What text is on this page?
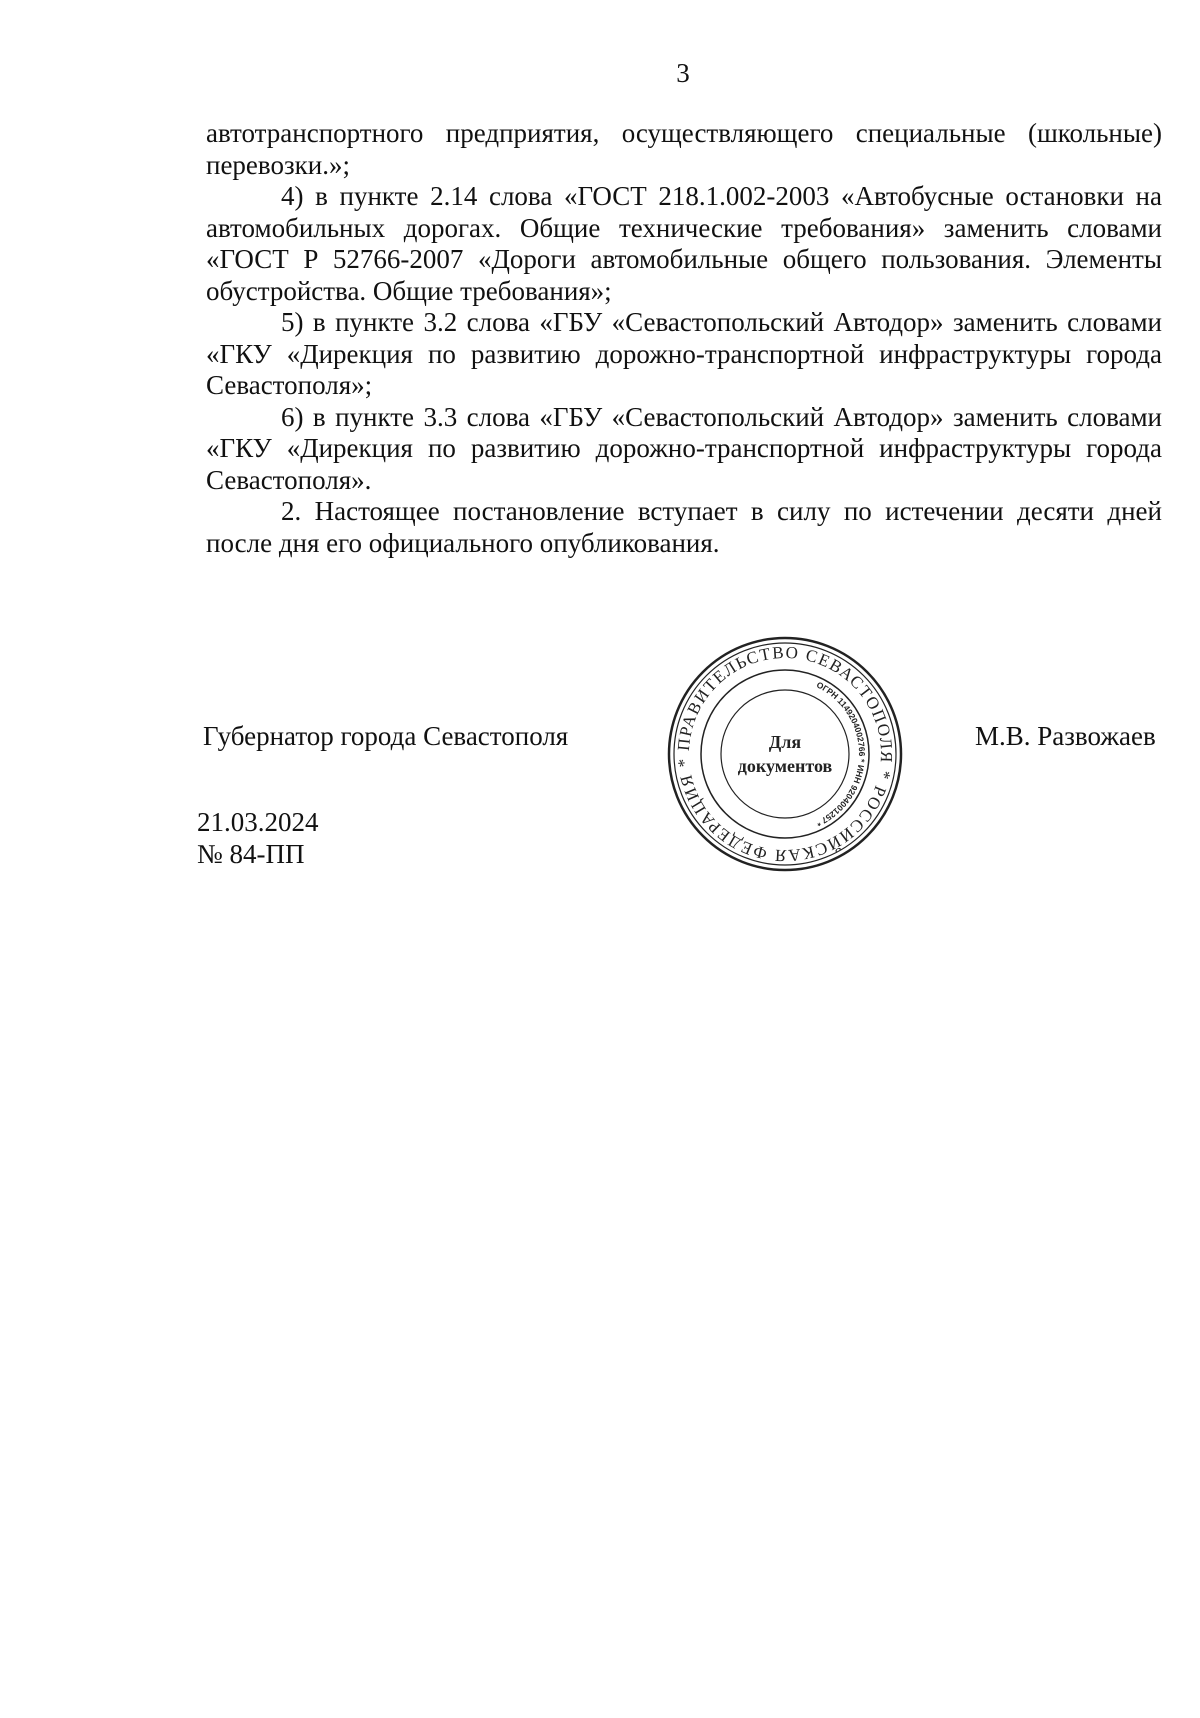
3

автотранспортного предприятия, осуществляющего специальные (школьные) перевозки.»;

4) в пункте 2.14 слова «ГОСТ 218.1.002-2003 «Автобусные остановки на автомобильных дорогах. Общие технические требования» заменить словами «ГОСТ Р 52766-2007 «Дороги автомобильные общего пользования. Элементы обустройства. Общие требования»;

5) в пункте 3.2 слова «ГБУ «Севастопольский Автодор» заменить словами «ГКУ «Дирекция по развитию дорожно-транспортной инфраструктуры города Севастополя»;

6) в пункте 3.3 слова «ГБУ «Севастопольский Автодор» заменить словами «ГКУ «Дирекция по развитию дорожно-транспортной инфраструктуры города Севастополя».

2. Настоящее постановление вступает в силу по истечении десяти дней после дня его официального опубликования.

Губернатор города Севастополя	М.В. Развожаев
21.03.2024
№ 84-ПП
ПРАВИТЕЛЬСТВО СЕВАСТОПОЛЯ * РОССИЙСКАЯ ФЕДЕРАЦИЯ *
ОГРН 1149204002766 * ИНН 9204001257 *
Для
документов
